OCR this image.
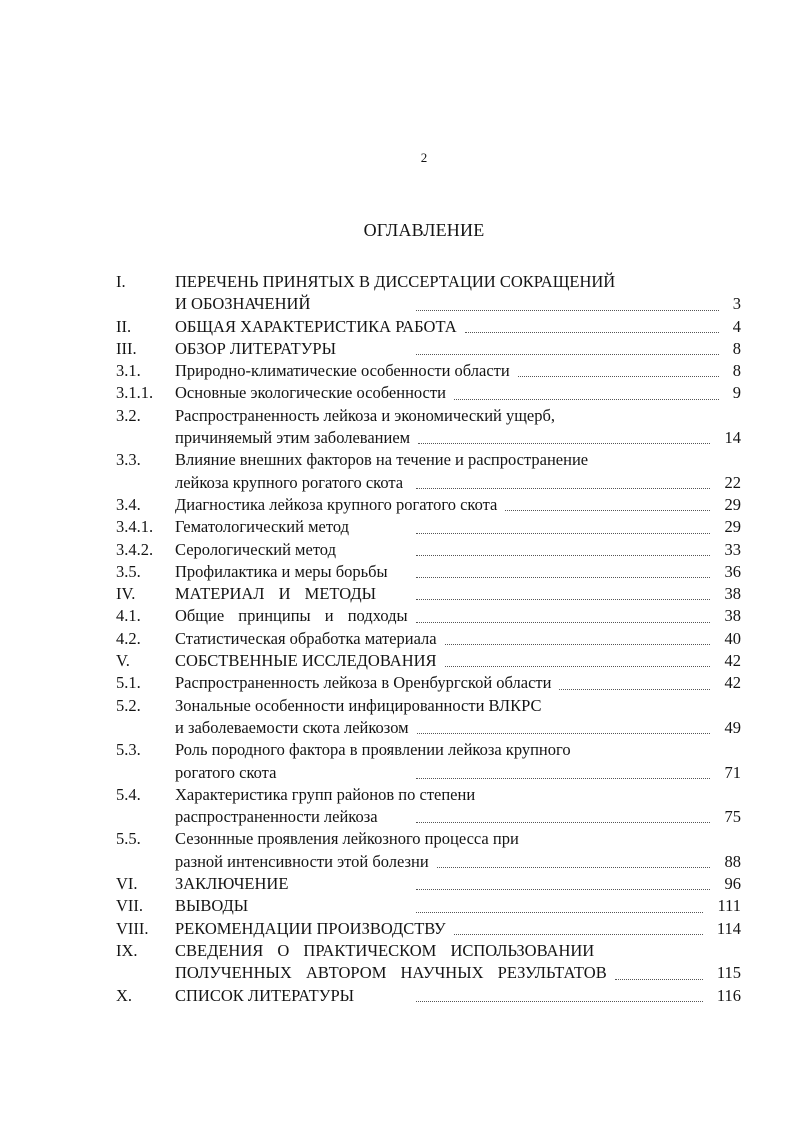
2
ОГЛАВЛЕНИЕ
I.	ПЕРЕЧЕНЬ ПРИНЯТЫХ В ДИССЕРТАЦИИ СОКРАЩЕНИЙ
И ОБОЗНАЧЕНИЙ	3
II.	ОБЩАЯ ХАРАКТЕРИСТИКА РАБОТА	4
III.	ОБЗОР ЛИТЕРАТУРЫ	8
3.1.	Природно-климатические особенности области	8
3.1.1.	Основные экологические особенности	9
3.2.	Распространенность лейкоза и экономический ущерб,
причиняемый этим заболеванием	14
3.3.	Влияние внешних факторов на течение и распространение
лейкоза крупного рогатого скота	22
3.4.	Диагностика лейкоза крупного рогатого скота	29
3.4.1.	Гематологический метод	29
3.4.2.	Серологический метод	33
3.5.	Профилактика и меры борьбы	36
IV.	МАТЕРИАЛ И МЕТОДЫ	38
4.1.	Общие принципы и подходы	38
4.2.	Статистическая обработка материала	40
V.	СОБСТВЕННЫЕ ИССЛЕДОВАНИЯ	42
5.1.	Распространенность лейкоза в Оренбургской области	42
5.2.	Зональные особенности инфицированности ВЛКРС
и заболеваемости скота лейкозом	49
5.3.	Роль породного фактора в проявлении лейкоза крупного
рогатого скота	71
5.4.	Характеристика групп районов по степени
распространенности лейкоза	75
5.5.	Сезоннные проявления лейкозного процесса при
разной интенсивности этой болезни	88
VI.	ЗАКЛЮЧЕНИЕ	96
VII.	ВЫВОДЫ	111
VIII.	РЕКОМЕНДАЦИИ ПРОИЗВОДСТВУ	114
IX.	СВЕДЕНИЯ О ПРАКТИЧЕСКОМ ИСПОЛЬЗОВАНИИ
ПОЛУЧЕННЫХ АВТОРОМ НАУЧНЫХ РЕЗУЛЬТАТОВ	115
X.	СПИСОК ЛИТЕРАТУРЫ	116
